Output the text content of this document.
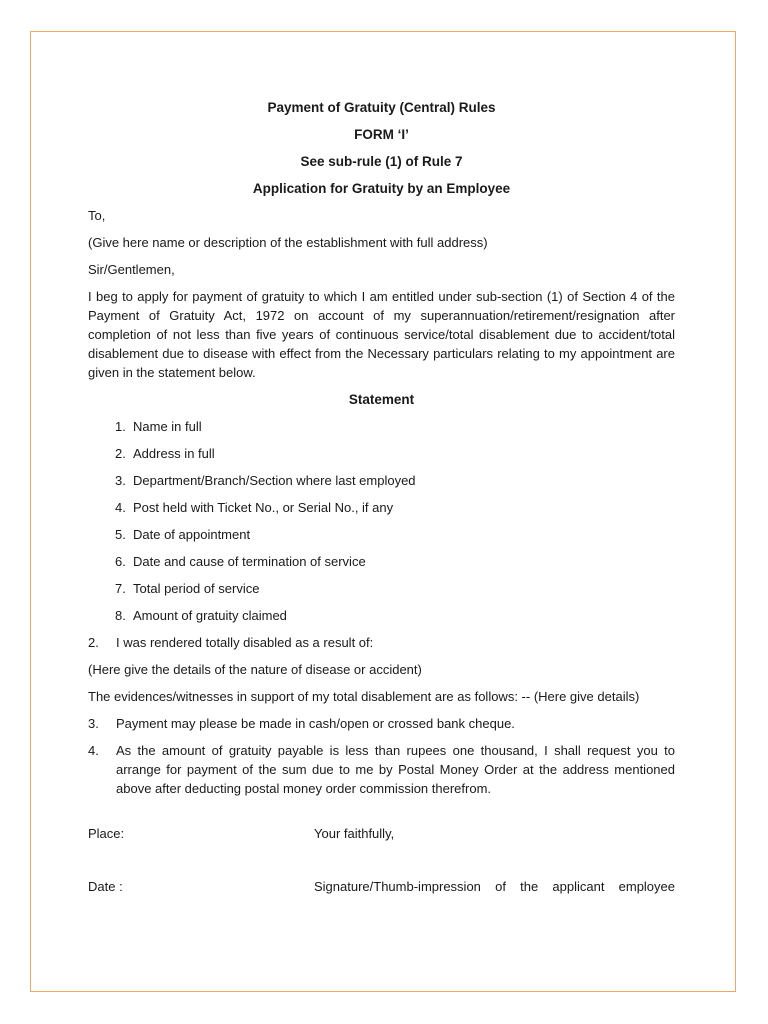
Payment of Gratuity (Central) Rules

FORM ‘I’

See sub-rule (1) of Rule 7

Application for Gratuity by an Employee

To,

(Give here name or description of the establishment with full address)

Sir/Gentlemen,

I beg to apply for payment of gratuity to which I am entitled under sub-section (1) of Section 4 of the Payment of Gratuity Act, 1972 on account of my superannuation/retirement/resignation after completion of not less than five years of continuous service/total disablement due to accident/total disablement due to disease with effect from the Necessary particulars relating to my appointment are given in the statement below.

Statement

1. Name in full
2. Address in full
3. Department/Branch/Section where last employed
4. Post held with Ticket No., or Serial No., if any
5. Date of appointment
6. Date and cause of termination of service
7. Total period of service
8. Amount of gratuity claimed
2.	I was rendered totally disabled as a result of:

(Here give the details of the nature of disease or accident)

The evidences/witnesses in support of my total disablement are as follows: -- (Here give details)

3.	Payment may please be made in cash/open or crossed bank cheque.
4.	As the amount of gratuity payable is less than rupees one thousand, I shall request you to arrange for payment of the sum due to me by Postal Money Order at the address mentioned above after deducting postal money order commission therefrom.
Place:	Your faithfully,
Date :	Signature/Thumb-impression of the applicant employee
